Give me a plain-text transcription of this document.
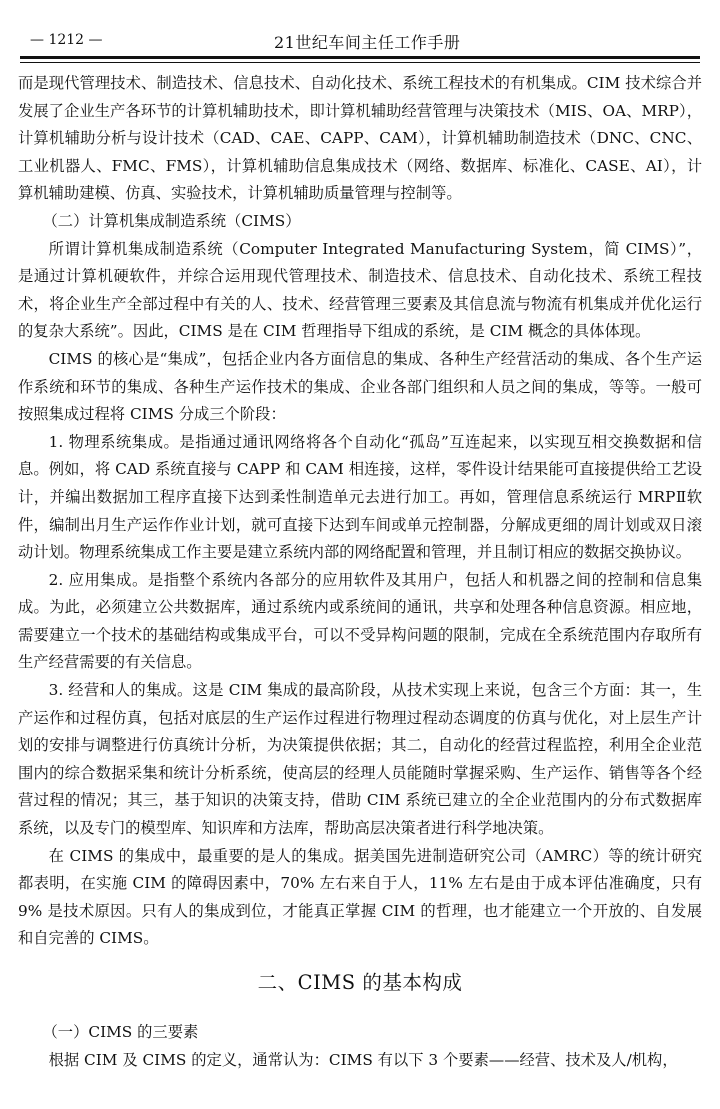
— 1212 —	21世纪车间主任工作手册

而是现代管理技术、制造技术、信息技术、自动化技术、系统工程技术的有机集成。CIM 技术综合并发展了企业生产各环节的计算机辅助技术，即计算机辅助经营管理与决策技术（MIS、OA、MRP），计算机辅助分析与设计技术（CAD、CAE、CAPP、CAM），计算机辅助制造技术（DNC、CNC、工业机器人、FMC、FMS），计算机辅助信息集成技术（网络、数据库、标准化、CASE、AI），计算机辅助建模、仿真、实验技术，计算机辅助质量管理与控制等。

（二）计算机集成制造系统（CIMS）

所谓计算机集成制造系统（Computer Integrated Manufacturing System，简 CIMS）”，是通过计算机硬软件，并综合运用现代管理技术、制造技术、信息技术、自动化技术、系统工程技术，将企业生产全部过程中有关的人、技术、经营管理三要素及其信息流与物流有机集成并优化运行的复杂大系统”。因此，CIMS 是在 CIM 哲理指导下组成的系统，是 CIM 概念的具体体现。

CIMS 的核心是“集成”，包括企业内各方面信息的集成、各种生产经营活动的集成、各个生产运作系统和环节的集成、各种生产运作技术的集成、企业各部门组织和人员之间的集成，等等。一般可按照集成过程将 CIMS 分成三个阶段：

1. 物理系统集成。是指通过通讯网络将各个自动化“孤岛”互连起来，以实现互相交换数据和信息。例如，将 CAD 系统直接与 CAPP 和 CAM 相连接，这样，零件设计结果能可直接提供给工艺设计，并编出数据加工程序直接下达到柔性制造单元去进行加工。再如，管理信息系统运行 MRPⅡ软件，编制出月生产运作作业计划，就可直接下达到车间或单元控制器，分解成更细的周计划或双日滚动计划。物理系统集成工作主要是建立系统内部的网络配置和管理，并且制订相应的数据交换协议。

2. 应用集成。是指整个系统内各部分的应用软件及其用户，包括人和机器之间的控制和信息集成。为此，必须建立公共数据库，通过系统内或系统间的通讯，共享和处理各种信息资源。相应地，需要建立一个技术的基础结构或集成平台，可以不受异构问题的限制，完成在全系统范围内存取所有生产经营需要的有关信息。

3. 经营和人的集成。这是 CIM 集成的最高阶段，从技术实现上来说，包含三个方面：其一，生产运作和过程仿真，包括对底层的生产运作过程进行物理过程动态调度的仿真与优化，对上层生产计划的安排与调整进行仿真统计分析，为决策提供依据；其二，自动化的经营过程监控，利用全企业范围内的综合数据采集和统计分析系统，使高层的经理人员能随时掌握采购、生产运作、销售等各个经营过程的情况；其三，基于知识的决策支持，借助 CIM 系统已建立的全企业范围内的分布式数据库系统，以及专门的模型库、知识库和方法库，帮助高层决策者进行科学地决策。

在 CIMS 的集成中，最重要的是人的集成。据美国先进制造研究公司（AMRC）等的统计研究都表明，在实施 CIM 的障碍因素中，70% 左右来自于人，11% 左右是由于成本评估准确度，只有 9% 是技术原因。只有人的集成到位，才能真正掌握 CIM 的哲理，也才能建立一个开放的、自发展和自完善的 CIMS。

二、CIMS 的基本构成

（一）CIMS 的三要素

根据 CIM 及 CIMS 的定义，通常认为：CIMS 有以下 3 个要素——经营、技术及人/机构，
